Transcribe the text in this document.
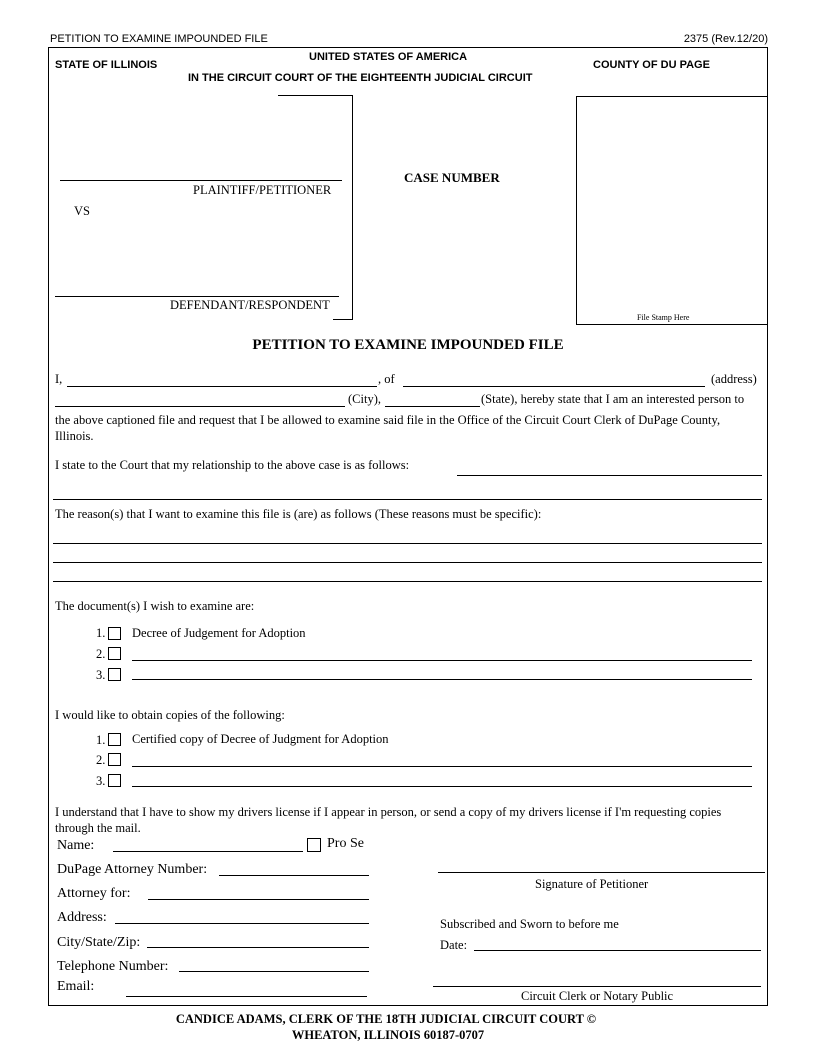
PETITION TO EXAMINE IMPOUNDED FILE	2375 (Rev.12/20)
UNITED STATES OF AMERICA
STATE OF ILLINOIS	COUNTY OF DU PAGE
IN THE CIRCUIT COURT OF THE EIGHTEENTH JUDICIAL CIRCUIT
PLAINTIFF/PETITIONER
VS
DEFENDANT/RESPONDENT
CASE NUMBER
File Stamp Here
PETITION TO EXAMINE IMPOUNDED FILE
I,	, of	(address)
(City),	(State), hereby state that I am an interested person to
the above captioned file and request that I be allowed to examine said file in the Office of the Circuit Court Clerk of DuPage County, Illinois.
I state to the Court that my relationship to the above case is as follows:
The reason(s) that I want to examine this file is (are) as follows (These reasons must be specific):
The document(s) I wish to examine are:
1. Decree of Judgement for Adoption
2.
3.
I would like to obtain copies of the following:
1. Certified copy of Decree of Judgment for Adoption
2.
3.
I understand that I have to show my drivers license if I appear in person, or send a copy of my drivers license if I'm requesting copies through the mail.
Name:	Pro Se
DuPage Attorney Number:
Attorney for:
Address:
City/State/Zip:
Telephone Number:
Email:
Signature of Petitioner
Subscribed and Sworn to before me
Date:
Circuit Clerk or Notary Public
CANDICE ADAMS, CLERK OF THE 18TH JUDICIAL CIRCUIT COURT ©
WHEATON, ILLINOIS 60187-0707
